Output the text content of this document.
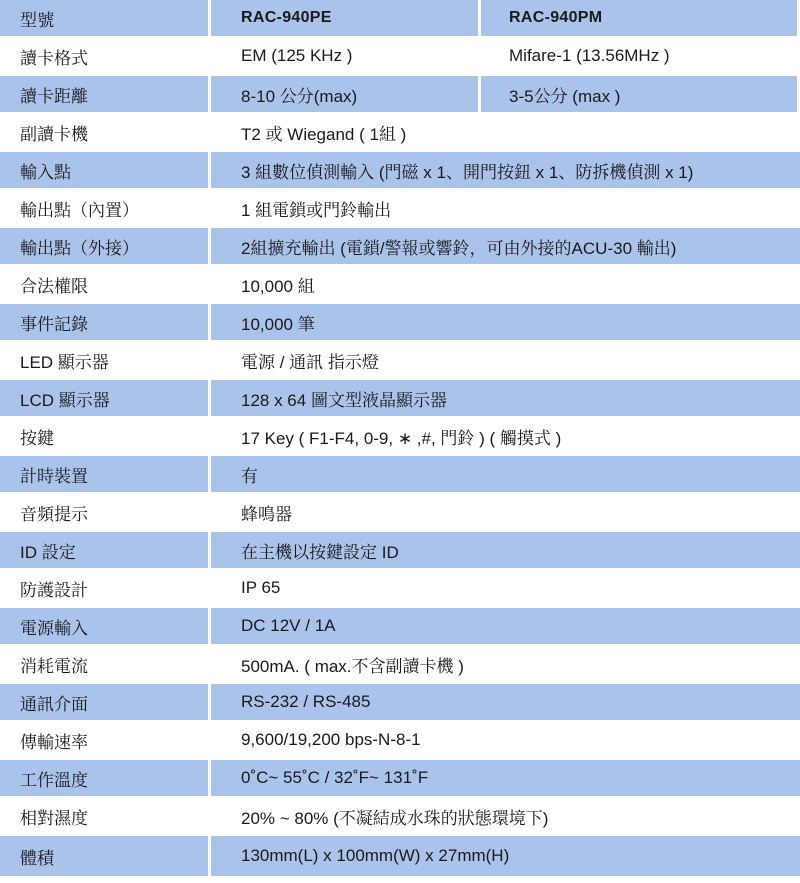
型號	RAC-940PE	RAC-940PM
讀卡格式	EM (125 KHz )	Mifare-1 (13.56MHz )
讀卡距離	8-10 公分(max)	3-5公分 (max )
副讀卡機	T2 或 Wiegand ( 1組 )
輸入點	3 組數位偵測輸入 (門磁 x 1、開門按鈕 x 1、防拆機偵測 x 1)
輸出點（內置）	1 組電鎖或門鈴輸出
輸出點（外接）	2組擴充輸出 (電鎖/警報或響鈴，可由外接的ACU-30 輸出)
合法權限	10,000 組
事件記錄	10,000 筆
LED 顯示器	電源 / 通訊 指示燈
LCD 顯示器	128 x 64 圖文型液晶顯示器
按鍵	17 Key ( F1-F4, 0-9, ∗ ,#, 門鈴 ) ( 觸摸式 )
計時裝置	有
音頻提示	蜂鳴器
ID 設定	在主機以按鍵設定 ID
防護設計	IP 65
電源輸入	DC 12V / 1A
消耗電流	500mA. ( max.不含副讀卡機 )
通訊介面	RS-232 / RS-485
傳輸速率	9,600/19,200 bps-N-8-1
工作溫度	0˚C~ 55˚C / 32˚F~ 131˚F
相對濕度	20% ~ 80% (不凝結成水珠的狀態環境下)
體積	130mm(L) x 100mm(W) x 27mm(H)
